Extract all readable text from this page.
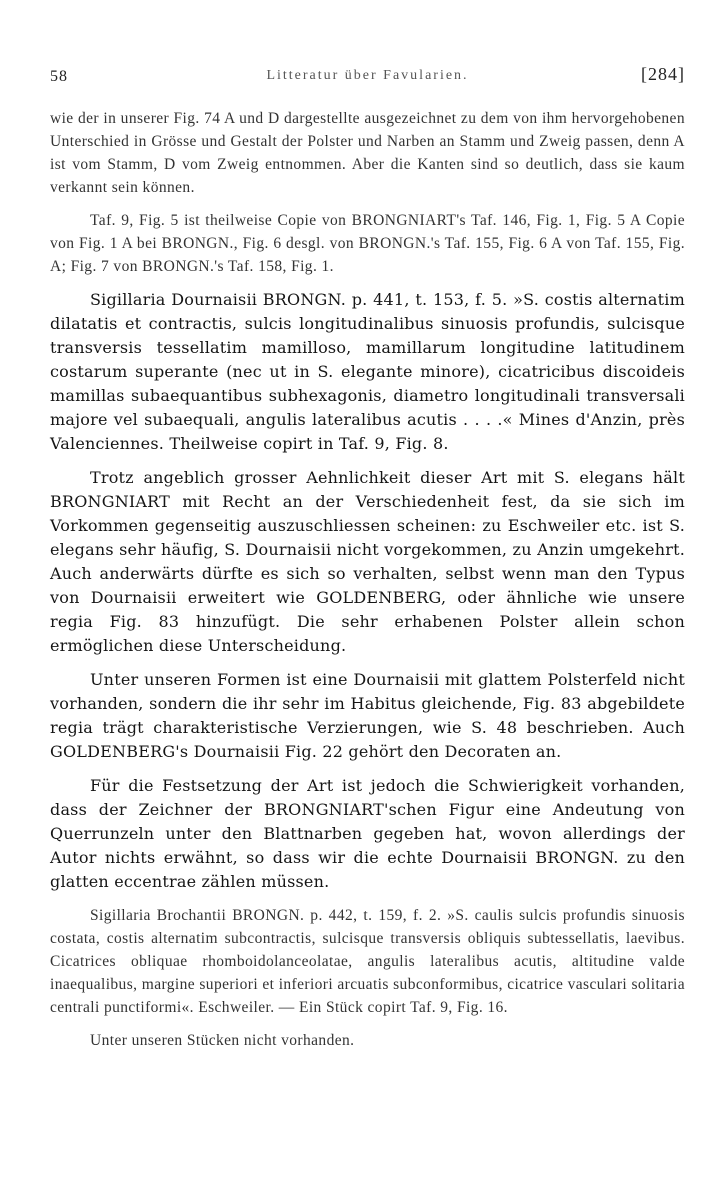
58	Litteratur über Favularien.	[284]

wie der in unserer Fig. 74 A und D dargestellte ausgezeichnet zu dem von ihm hervorgehobenen Unterschied in Grösse und Gestalt der Polster und Narben an Stamm und Zweig passen, denn A ist vom Stamm, D vom Zweig entnommen. Aber die Kanten sind so deutlich, dass sie kaum verkannt sein können.

Taf. 9, Fig. 5 ist theilweise Copie von BRONGNIART's Taf. 146, Fig. 1, Fig. 5 A Copie von Fig. 1 A bei BRONGN., Fig. 6 desgl. von BRONGN.'s Taf. 155, Fig. 6 A von Taf. 155, Fig. A; Fig. 7 von BRONGN.'s Taf. 158, Fig. 1.

Sigillaria Dournaisii BRONGN. p. 441, t. 153, f. 5. »S. costis alternatim dilatatis et contractis, sulcis longitudinalibus sinuosis profundis, sulcisque transversis tessellatim mamilloso, mamillarum longitudine latitudinem costarum superante (nec ut in S. elegante minore), cicatricibus discoideis mamillas subaequantibus subhexagonis, diametro longitudinali transversali majore vel subaequali, angulis lateralibus acutis . . . .« Mines d'Anzin, près Valenciennes. Theilweise copirt in Taf. 9, Fig. 8.

Trotz angeblich grosser Aehnlichkeit dieser Art mit S. elegans hält BRONGNIART mit Recht an der Verschiedenheit fest, da sie sich im Vorkommen gegenseitig auszuschliessen scheinen: zu Eschweiler etc. ist S. elegans sehr häufig, S. Dournaisii nicht vorgekommen, zu Anzin umgekehrt. Auch anderwärts dürfte es sich so verhalten, selbst wenn man den Typus von Dournaisii erweitert wie GOLDENBERG, oder ähnliche wie unsere regia Fig. 83 hinzufügt. Die sehr erhabenen Polster allein schon ermöglichen diese Unterscheidung.

Unter unseren Formen ist eine Dournaisii mit glattem Polsterfeld nicht vorhanden, sondern die ihr sehr im Habitus gleichende, Fig. 83 abgebildete regia trägt charakteristische Verzierungen, wie S. 48 beschrieben. Auch GOLDENBERG's Dournaisii Fig. 22 gehört den Decoraten an.

Für die Festsetzung der Art ist jedoch die Schwierigkeit vorhanden, dass der Zeichner der BRONGNIART'schen Figur eine Andeutung von Querrunzeln unter den Blattnarben gegeben hat, wovon allerdings der Autor nichts erwähnt, so dass wir die echte Dournaisii BRONGN. zu den glatten eccentrae zählen müssen.

Sigillaria Brochantii BRONGN. p. 442, t. 159, f. 2. »S. caulis sulcis profundis sinuosis costata, costis alternatim subcontractis, sulcisque transversis obliquis subtessellatis, laevibus. Cicatrices obliquae rhomboidolanceolatae, angulis lateralibus acutis, altitudine valde inaequalibus, margine superiori et inferiori arcuatis subconformibus, cicatrice vasculari solitaria centrali punctiformi«. Eschweiler. — Ein Stück copirt Taf. 9, Fig. 16.

Unter unseren Stücken nicht vorhanden.
